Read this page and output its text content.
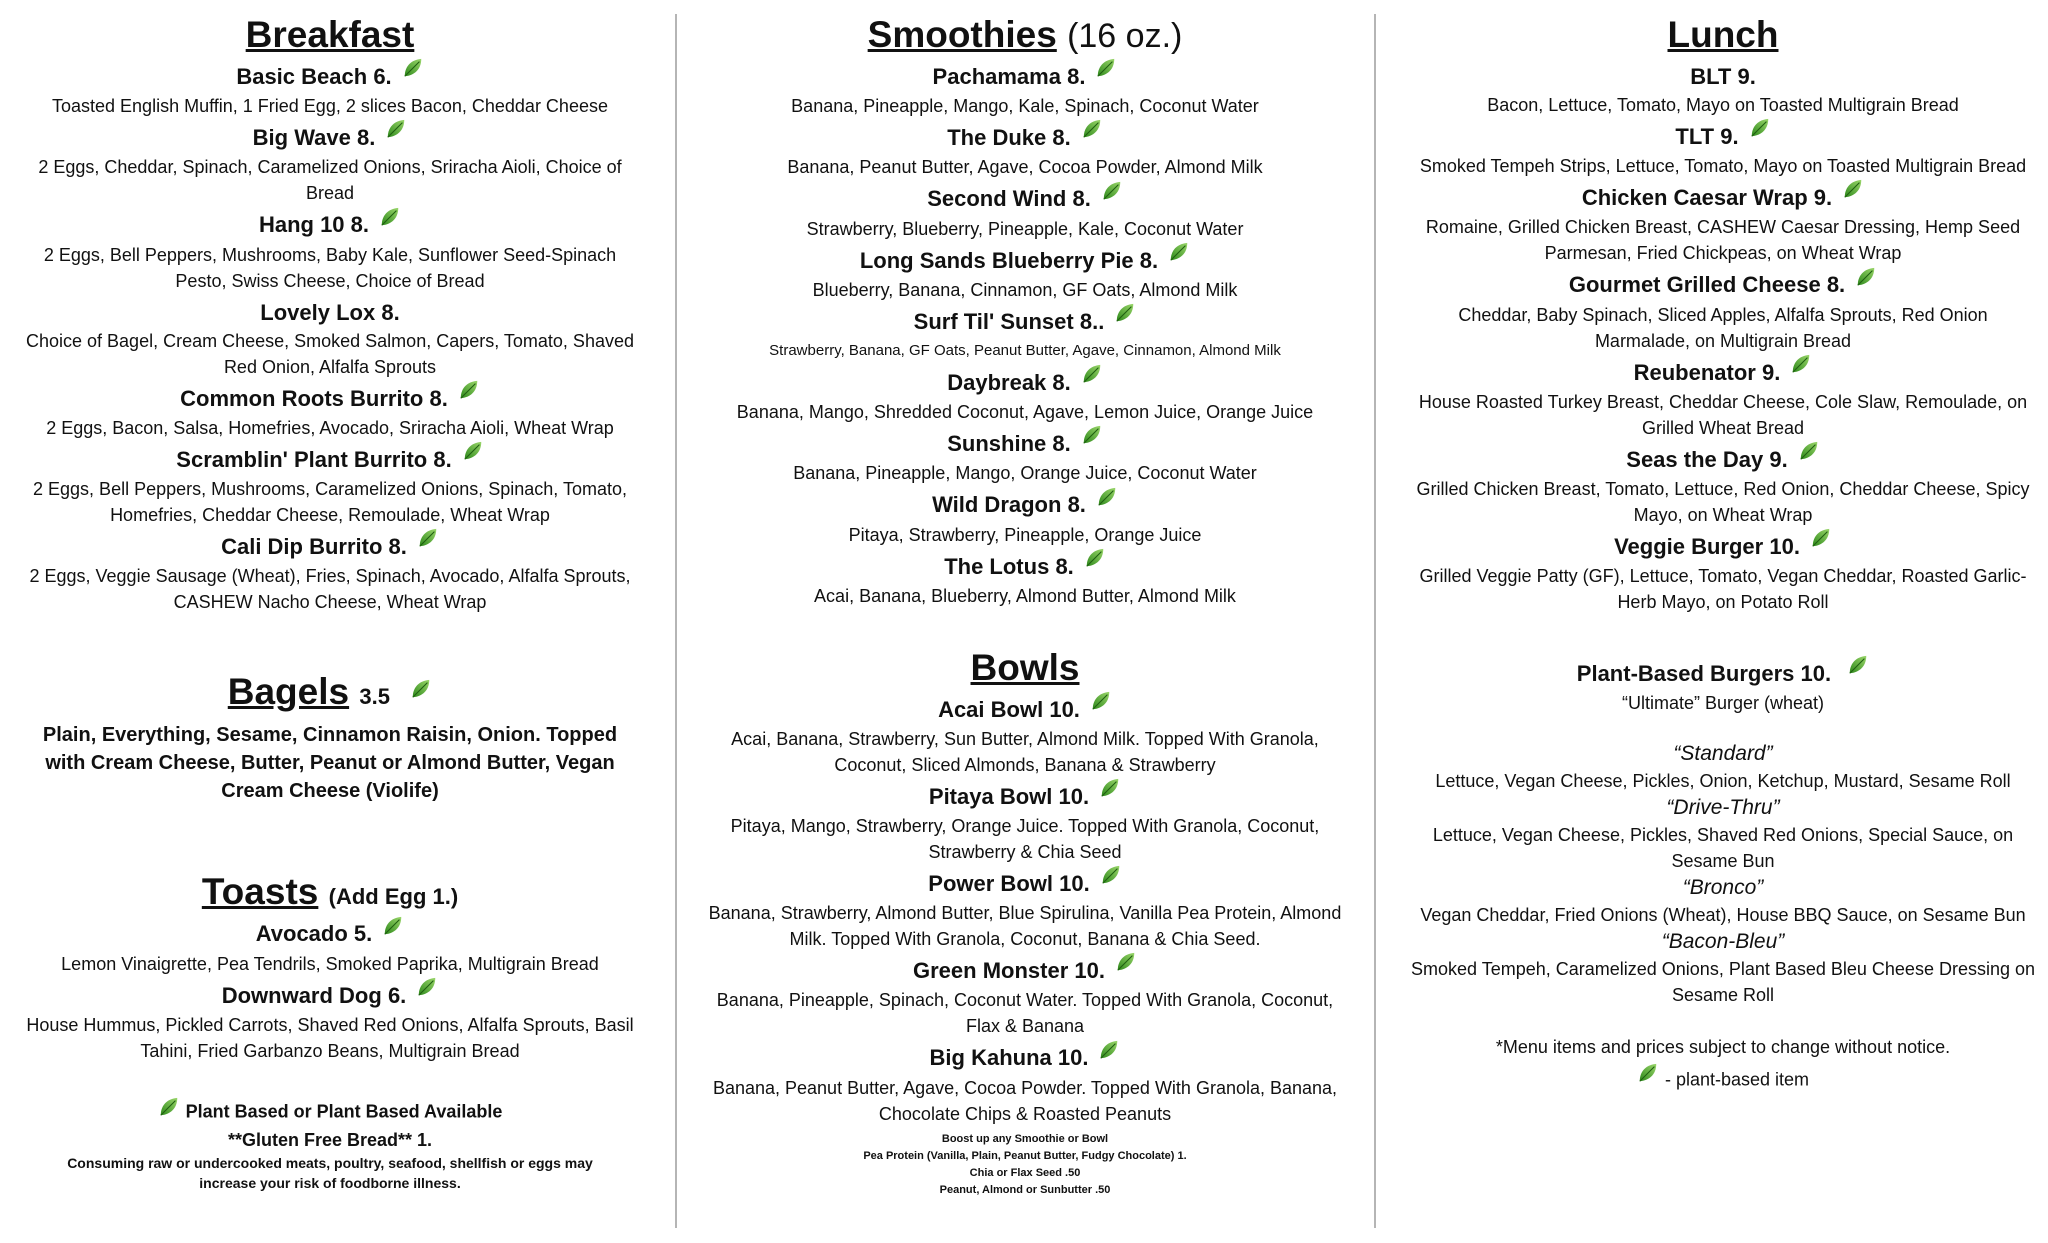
Breakfast
Basic Beach 6.
Toasted English Muffin, 1 Fried Egg, 2 slices Bacon, Cheddar Cheese
Big Wave 8.
2 Eggs, Cheddar, Spinach, Caramelized Onions, Sriracha Aioli, Choice of Bread
Hang 10 8.
2 Eggs, Bell Peppers, Mushrooms, Baby Kale, Sunflower Seed-Spinach Pesto, Swiss Cheese, Choice of Bread
Lovely Lox 8.
Choice of Bagel, Cream Cheese, Smoked Salmon, Capers, Tomato, Shaved Red Onion, Alfalfa Sprouts
Common Roots Burrito 8.
2 Eggs, Bacon, Salsa, Homefries, Avocado, Sriracha Aioli, Wheat Wrap
Scramblin' Plant Burrito 8.
2 Eggs, Bell Peppers, Mushrooms, Caramelized Onions, Spinach, Tomato, Homefries, Cheddar Cheese, Remoulade, Wheat Wrap
Cali Dip Burrito 8.
2 Eggs, Veggie Sausage (Wheat), Fries, Spinach, Avocado, Alfalfa Sprouts, CASHEW Nacho Cheese, Wheat Wrap
Bagels 3.5
Plain, Everything, Sesame, Cinnamon Raisin, Onion. Topped with Cream Cheese, Butter, Peanut or Almond Butter, Vegan Cream Cheese (Violife)
Toasts (Add Egg 1.)
Avocado 5.
Lemon Vinaigrette, Pea Tendrils, Smoked Paprika, Multigrain Bread
Downward Dog 6.
House Hummus, Pickled Carrots, Shaved Red Onions, Alfalfa Sprouts, Basil Tahini, Fried Garbanzo Beans, Multigrain Bread
Plant Based or Plant Based Available
**Gluten Free Bread** 1.
Consuming raw or undercooked meats, poultry, seafood, shellfish or eggs may increase your risk of foodborne illness.
Smoothies (16 oz.)
Pachamama 8.
Banana, Pineapple, Mango, Kale, Spinach, Coconut Water
The Duke 8.
Banana, Peanut Butter, Agave, Cocoa Powder, Almond Milk
Second Wind 8.
Strawberry, Blueberry, Pineapple, Kale, Coconut Water
Long Sands Blueberry Pie 8.
Blueberry, Banana, Cinnamon, GF Oats, Almond Milk
Surf Til' Sunset 8..
Strawberry, Banana, GF Oats, Peanut Butter, Agave, Cinnamon, Almond Milk
Daybreak 8.
Banana, Mango, Shredded Coconut, Agave, Lemon Juice, Orange Juice
Sunshine 8.
Banana, Pineapple, Mango, Orange Juice, Coconut Water
Wild Dragon 8.
Pitaya, Strawberry, Pineapple, Orange Juice
The Lotus 8.
Acai, Banana, Blueberry, Almond Butter, Almond Milk
Bowls
Acai Bowl 10.
Acai, Banana, Strawberry, Sun Butter, Almond Milk. Topped With Granola, Coconut, Sliced Almonds, Banana & Strawberry
Pitaya Bowl 10.
Pitaya, Mango, Strawberry, Orange Juice. Topped With Granola, Coconut, Strawberry & Chia Seed
Power Bowl 10.
Banana, Strawberry, Almond Butter, Blue Spirulina, Vanilla Pea Protein, Almond Milk. Topped With Granola, Coconut, Banana & Chia Seed.
Green Monster 10.
Banana, Pineapple, Spinach, Coconut Water. Topped With Granola, Coconut, Flax & Banana
Big Kahuna 10.
Banana, Peanut Butter, Agave, Cocoa Powder. Topped With Granola, Banana, Chocolate Chips & Roasted Peanuts
Boost up any Smoothie or Bowl
Pea Protein (Vanilla, Plain, Peanut Butter, Fudgy Chocolate) 1.
Chia or Flax Seed .50
Peanut, Almond or Sunbutter .50
Lunch
BLT 9.
Bacon, Lettuce, Tomato, Mayo on Toasted Multigrain Bread
TLT 9.
Smoked Tempeh Strips, Lettuce, Tomato, Mayo on Toasted Multigrain Bread
Chicken Caesar Wrap 9.
Romaine, Grilled Chicken Breast, CASHEW Caesar Dressing, Hemp Seed Parmesan, Fried Chickpeas, on Wheat Wrap
Gourmet Grilled Cheese 8.
Cheddar, Baby Spinach, Sliced Apples, Alfalfa Sprouts, Red Onion Marmalade, on Multigrain Bread
Reubenator 9.
House Roasted Turkey Breast, Cheddar Cheese, Cole Slaw, Remoulade, on Grilled Wheat Bread
Seas the Day 9.
Grilled Chicken Breast, Tomato, Lettuce, Red Onion, Cheddar Cheese, Spicy Mayo, on Wheat Wrap
Veggie Burger 10.
Grilled Veggie Patty (GF), Lettuce, Tomato, Vegan Cheddar, Roasted Garlic-Herb Mayo, on Potato Roll
Plant-Based Burgers 10.
“Ultimate” Burger (wheat)
“Standard”
Lettuce, Vegan Cheese, Pickles, Onion, Ketchup, Mustard, Sesame Roll
“Drive-Thru”
Lettuce, Vegan Cheese, Pickles, Shaved Red Onions, Special Sauce, on Sesame Bun
“Bronco”
Vegan Cheddar, Fried Onions (Wheat), House BBQ Sauce, on Sesame Bun
“Bacon-Bleu”
Smoked Tempeh, Caramelized Onions, Plant Based Bleu Cheese Dressing on Sesame Roll
*Menu items and prices subject to change without notice.
- plant-based item
